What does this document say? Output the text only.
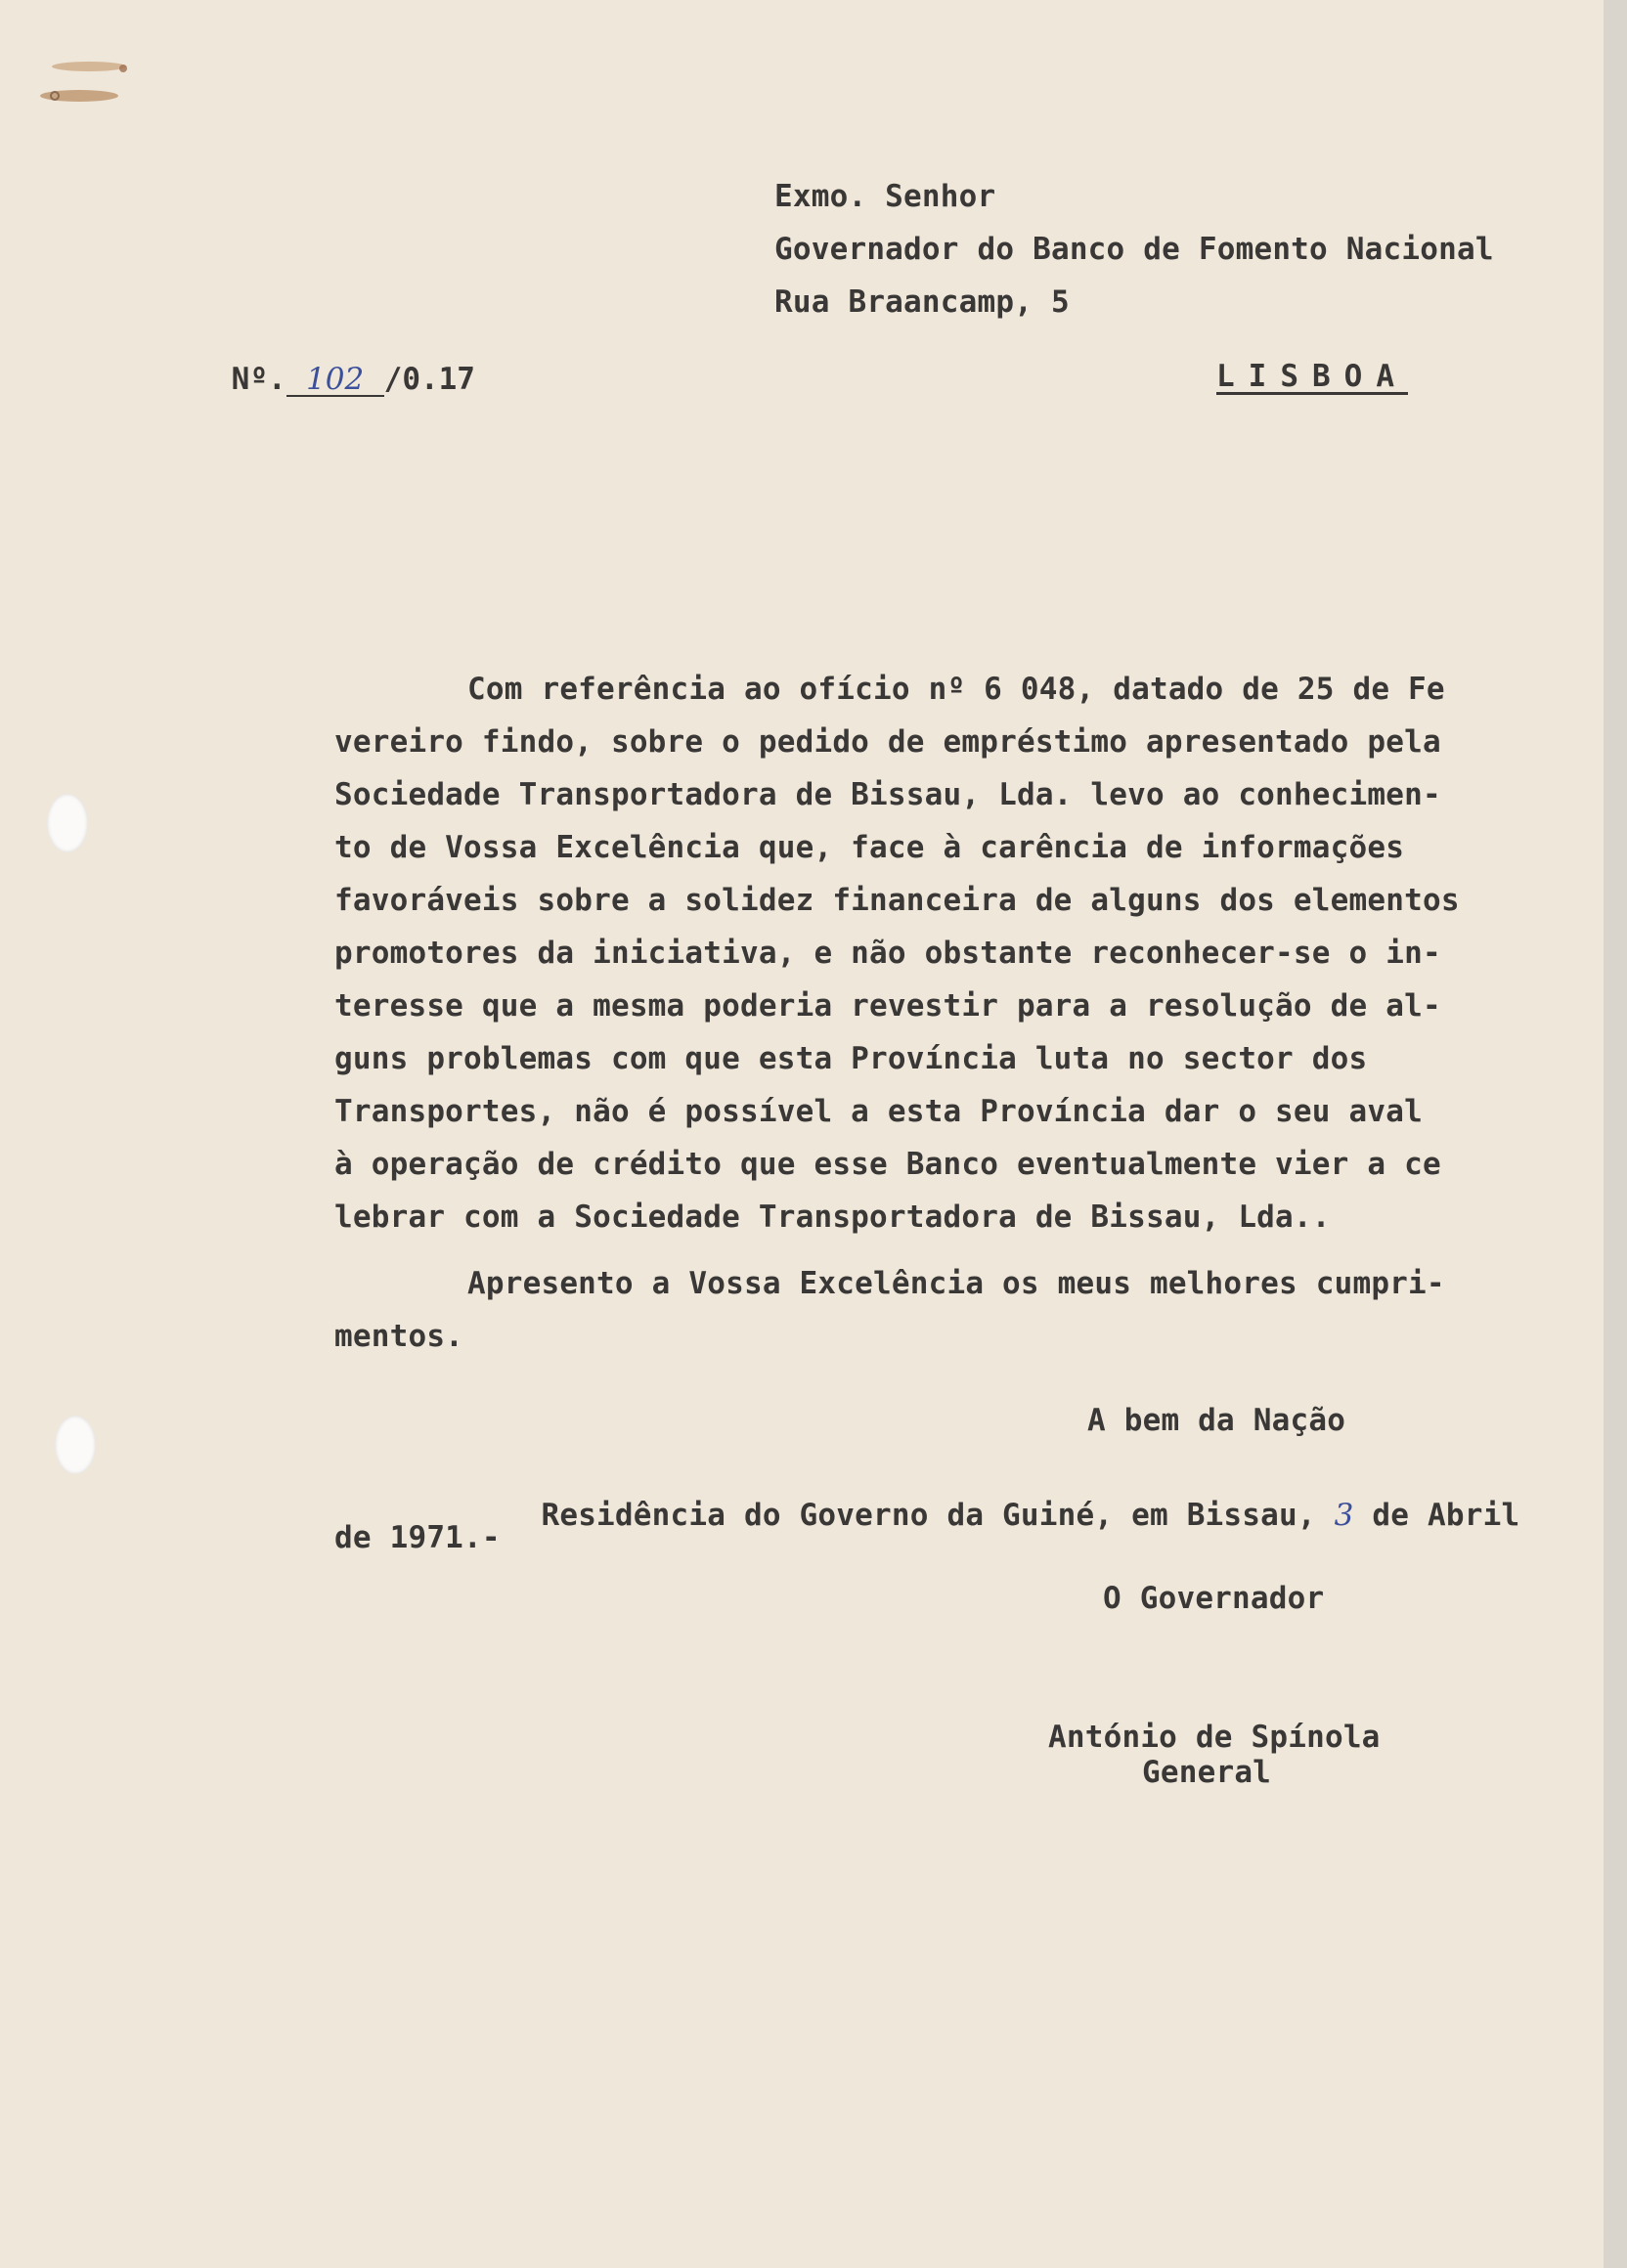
Exmo. Senhor
Governador do Banco de Fomento Nacional
Rua Braancamp, 5
LISBOA

Nº. 102 /0.17

Com referência ao ofício nº 6 048, datado de 25 de Fe
vereiro findo, sobre o pedido de empréstimo apresentado pela
Sociedade Transportadora de Bissau, Lda. levo ao conhecimen-
to de Vossa Excelência que, face à carência de informações
favoráveis sobre a solidez financeira de alguns dos elementos
promotores da iniciativa, e não obstante reconhecer-se o in-
teresse que a mesma poderia revestir para a resolução de al-
guns problemas com que esta Província luta no sector dos
Transportes, não é possível a esta Província dar o seu aval
à operação de crédito que esse Banco eventualmente vier a ce
lebrar com a Sociedade Transportadora de Bissau, Lda..
Apresento a Vossa Excelência os meus melhores cumpri-
mentos.
A bem da Nação

Residência do Governo da Guiné, em Bissau, 3 de Abril

de 1971.-
O Governador
António de Spínola
General
